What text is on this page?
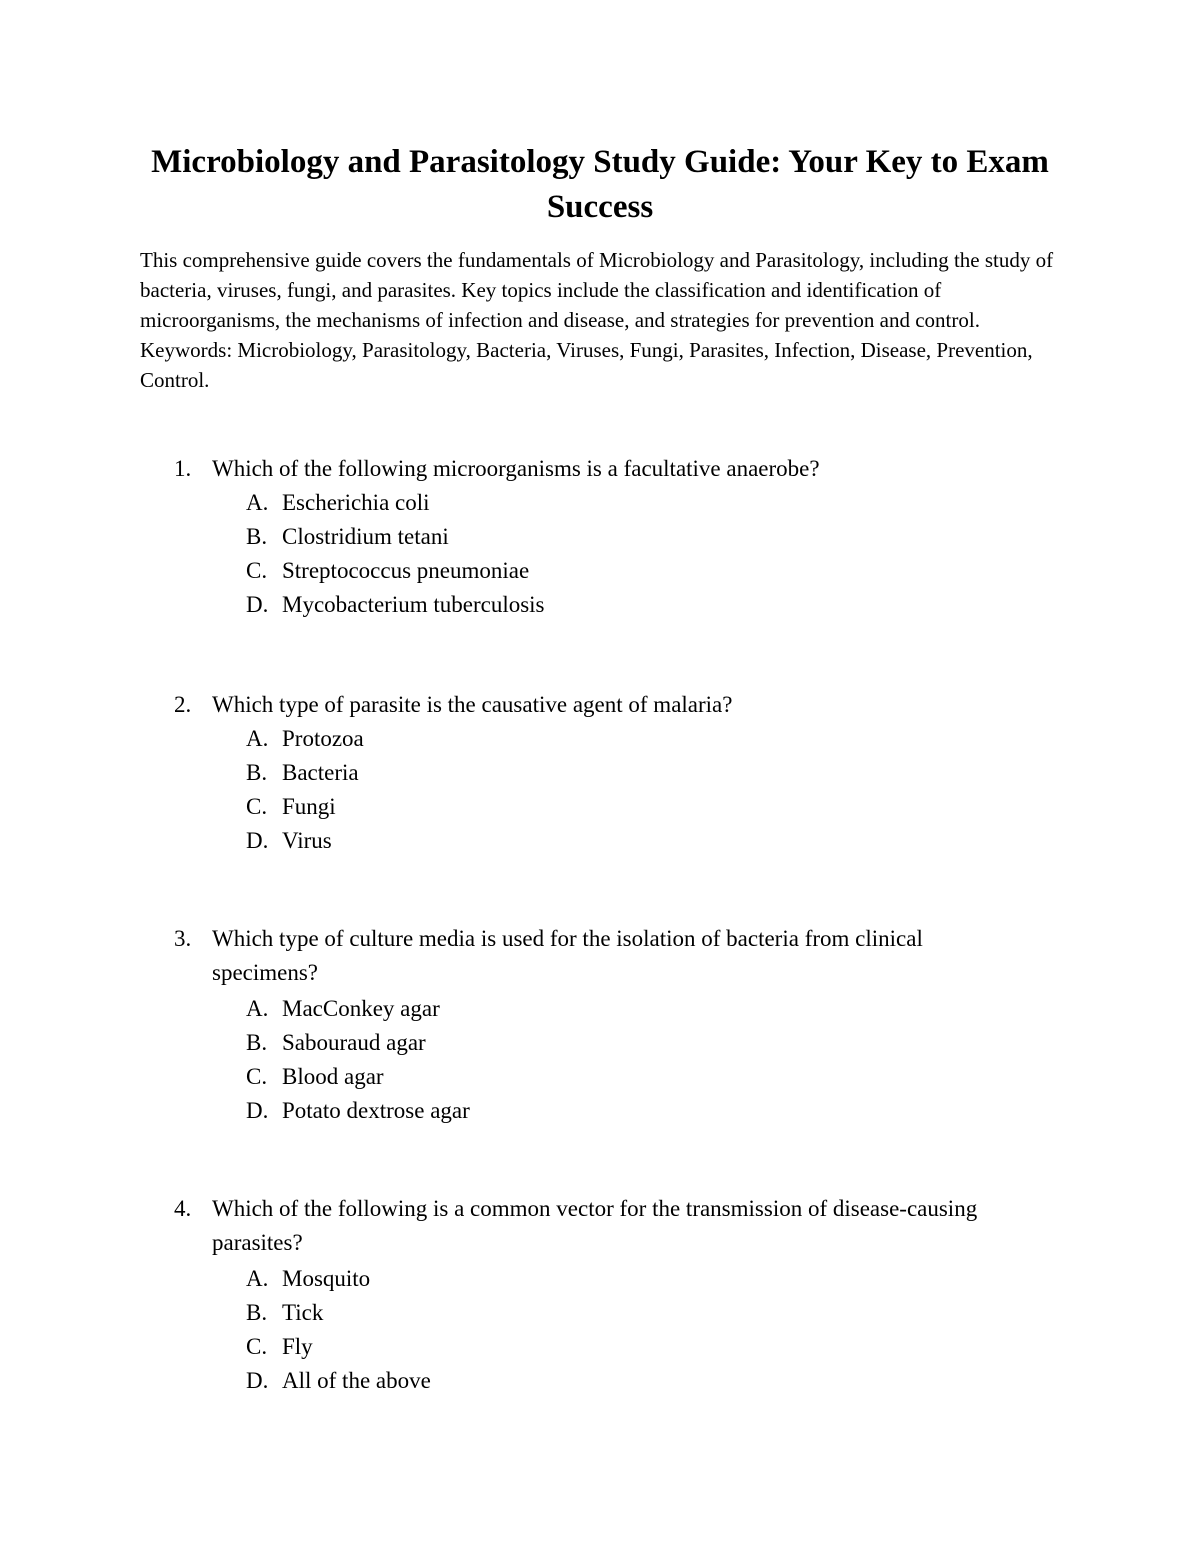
Microbiology and Parasitology Study Guide: Your Key to Exam Success

This comprehensive guide covers the fundamentals of Microbiology and Parasitology, including the study of bacteria, viruses, fungi, and parasites. Key topics include the classification and identification of microorganisms, the mechanisms of infection and disease, and strategies for prevention and control. Keywords: Microbiology, Parasitology, Bacteria, Viruses, Fungi, Parasites, Infection, Disease, Prevention, Control.

1. Which of the following microorganisms is a facultative anaerobe?

A. Escherichia coli
B. Clostridium tetani
C. Streptococcus pneumoniae
D. Mycobacterium tuberculosis
2. Which type of parasite is the causative agent of malaria?

A. Protozoa
B. Bacteria
C. Fungi
D. Virus
3. Which type of culture media is used for the isolation of bacteria from clinical specimens?

A. MacConkey agar
B. Sabouraud agar
C. Blood agar
D. Potato dextrose agar
4. Which of the following is a common vector for the transmission of disease-causing parasites?

A. Mosquito
B. Tick
C. Fly
D. All of the above
